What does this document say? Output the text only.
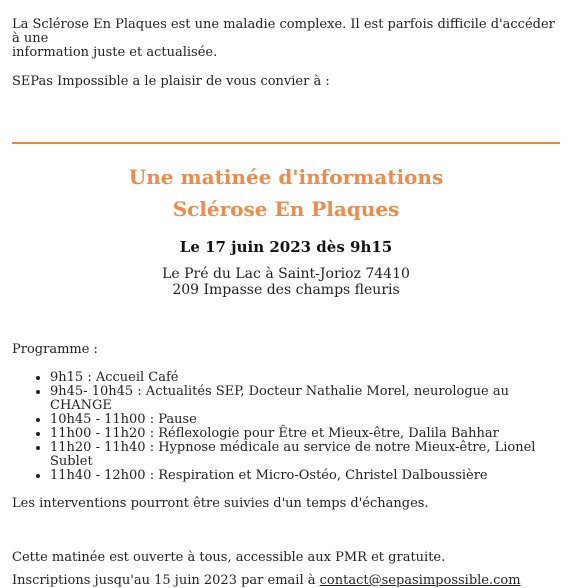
La Sclérose En Plaques est une maladie complexe. Il est parfois difficile d'accéder à une

information juste et actualisée.

SEPas Impossible a le plaisir de vous convier à :

Une matinée d'informations
Sclérose En Plaques
Le 17 juin 2023 dès 9h15
Le Pré du Lac à Saint-Jorioz 74410
209 Impasse des champs fleuris

Programme :

• 9h15 : Accueil Café
• 9h45- 10h45 : Actualités SEP, Docteur Nathalie Morel, neurologue au CHANGE
• 10h45 - 11h00 : Pause
• 11h00 - 11h20 : Réflexologie pour Être et Mieux-être, Dalila Bahhar
• 11h20 - 11h40 : Hypnose médicale au service de notre Mieux-être, Lionel Sublet
• 11h40 - 12h00 : Respiration et Micro-Ostéo, Christel Dalboussière

Les interventions pourront être suivies d'un temps d'échanges.

Cette matinée est ouverte à tous, accessible aux PMR et gratuite.

Inscriptions jusqu'au 15 juin 2023 par email à contact@sepasimpossible.com
